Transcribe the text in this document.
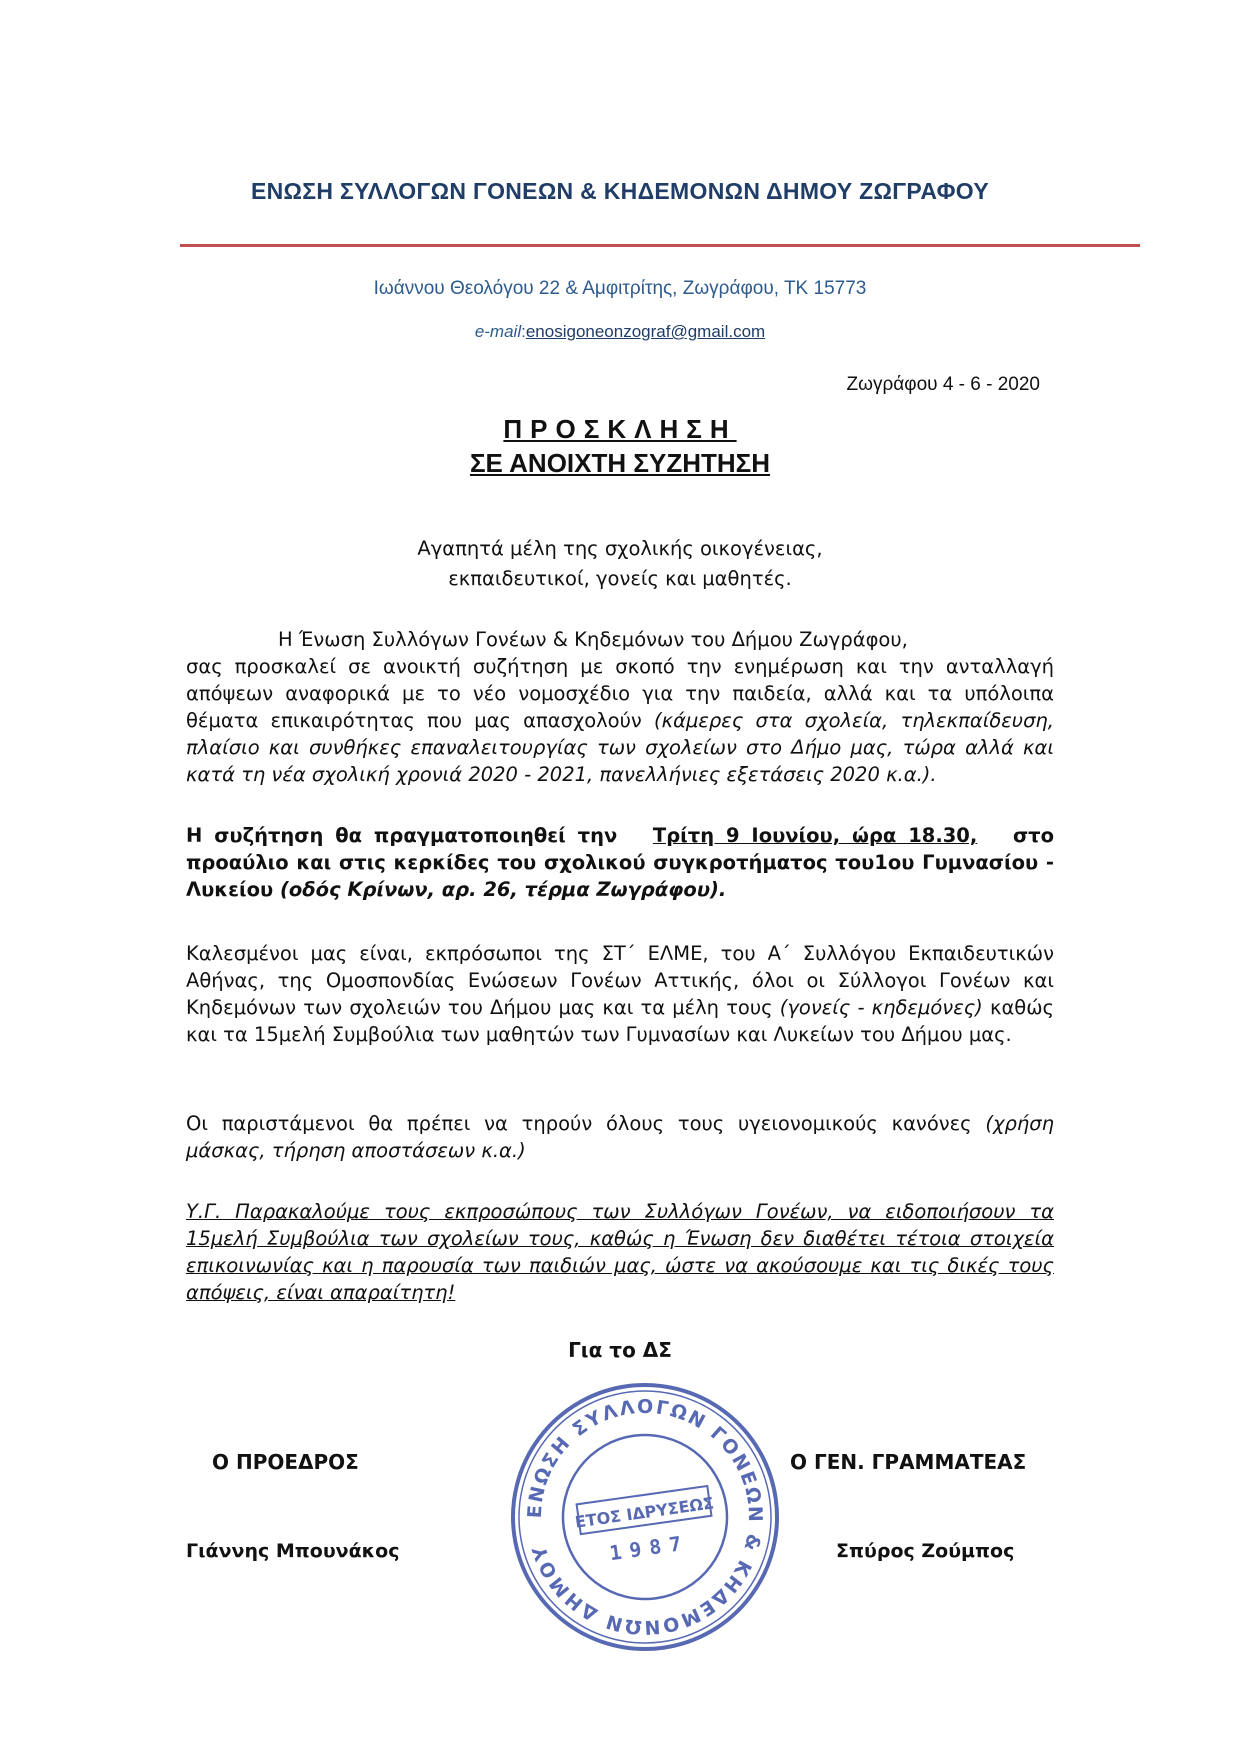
ΕΝΩΣΗ ΣΥΛΛΟΓΩΝ ΓΟΝΕΩΝ & ΚΗΔΕΜΟΝΩΝ ΔΗΜΟΥ ΖΩΓΡΑΦΟΥ
Ιωάννου Θεολόγου 22 & Αμφιτρίτης, Ζωγράφου, ΤΚ 15773
e-mail:enosigoneonzograf@gmail.com
Ζωγράφου 4 - 6 - 2020
ΠΡΟΣΚΛΗΣΗ
ΣΕ ΑΝΟΙΧΤΗ ΣΥΖΗΤΗΣΗ
Αγαπητά μέλη της σχολικής οικογένειας,
εκπαιδευτικοί, γονείς και μαθητές.
Η Ένωση Συλλόγων Γονέων & Κηδεμόνων του Δήμου Ζωγράφου,
σας προσκαλεί σε ανοικτή συζήτηση με σκοπό την ενημέρωση και την ανταλλαγή απόψεων αναφορικά με το νέο νομοσχέδιο για την παιδεία, αλλά και τα υπόλοιπα θέματα επικαιρότητας που μας απασχολούν (κάμερες στα σχολεία, τηλεκπαίδευση, πλαίσιο και συνθήκες επαναλειτουργίας των σχολείων στο Δήμο μας, τώρα αλλά και κατά τη νέα σχολική χρονιά 2020 - 2021, πανελλήνιες εξετάσεις 2020 κ.α.).
Η συζήτηση θα πραγματοποιηθεί την Τρίτη 9 Ιουνίου, ώρα 18.30, στο προαύλιο και στις κερκίδες του σχολικού συγκροτήματος του1ου Γυμνασίου - Λυκείου (οδός Κρίνων, αρ. 26, τέρμα Ζωγράφου).
Καλεσμένοι μας είναι, εκπρόσωποι της ΣΤ΄ ΕΛΜΕ, του Α΄ Συλλόγου Εκπαιδευτικών Αθήνας, της Ομοσπονδίας Ενώσεων Γονέων Αττικής, όλοι οι Σύλλογοι Γονέων και Κηδεμόνων των σχολειών του Δήμου μας και τα μέλη τους (γονείς - κηδεμόνες) καθώς και τα 15μελή Συμβούλια των μαθητών των Γυμνασίων και Λυκείων του Δήμου μας.
Οι παριστάμενοι θα πρέπει να τηρούν όλους τους υγειονομικούς κανόνες (χρήση μάσκας, τήρηση αποστάσεων κ.α.)
Υ.Γ. Παρακαλούμε τους εκπροσώπους των Συλλόγων Γονέων, να ειδοποιήσουν τα 15μελή Συμβούλια των σχολείων τους, καθώς η Ένωση δεν διαθέτει τέτοια στοιχεία επικοινωνίας και η παρουσία των παιδιών μας, ώστε να ακούσουμε και τις δικές τους απόψεις, είναι απαραίτητη!
Για το ΔΣ
Ο ΠΡΟΕΔΡΟΣ	Ο ΓΕΝ. ΓΡΑΜΜΑΤΕΑΣ
Γιάννης Μπουνάκος	Σπύρος Ζούμπος
ΕΝΩΣΗ ΣΥΛΛΟΓΩΝ ΓΟΝΕΩΝ & ΚΗΔΕΜΟΝΩΝ ΔΗΜΟΥ
ΕΤΟΣ ΙΔΡΥΣΕΩΣ
1987
